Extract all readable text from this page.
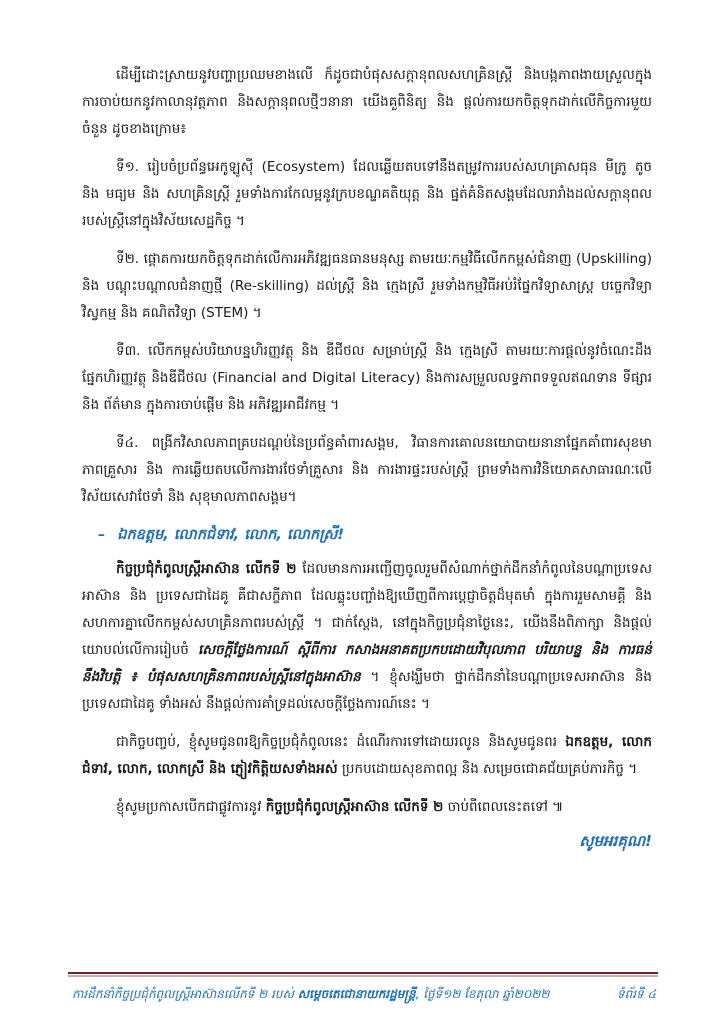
ដើម្បីដោះស្រាយនូវបញ្ហាប្រឈមខាងលើ ក៏ដូចជាបំផុសសក្តានុពលសហគ្រិនស្ត្រី និងបង្កភាពងាយស្រួលក្នុងការចាប់យកនូវកាលានុវត្តភាព និងសក្តានុពលថ្មីៗនានា យើងគួពិនិត្យ និង ផ្តល់ការយកចិត្តទុកដាក់លើកិច្ចការមួយចំនួន ដូចខាងក្រោម៖

ទី១. រៀបចំប្រព័ន្ធអេកូឡូស៊ី (Ecosystem) ដែលឆ្លើយតបទៅនឹងតម្រូវការរបស់សហគ្រាសធុន មីក្រូ តូច និង មធ្យម និង សហគ្រិនស្ត្រី រួមទាំងការកែលម្អនូវក្របខណ្ឌគតិយុត្ត និង ផ្នត់គំនិតសង្គមដែលរារាំងដល់សក្តានុពលរបស់ស្ត្រីនៅក្នុងវិស័យសេដ្ឋកិច្ច ។

ទី២. ផ្តោតការយកចិត្តទុកដាក់លើការអភិវឌ្ឍធនធានមនុស្ស តាមរយៈកម្មវិធីលើកកម្ពស់ជំនាញ (Upskilling) និង បណ្តុះបណ្តាលជំនាញថ្មី (Re-skilling) ដល់ស្ត្រី និង ក្មេងស្រី រួមទាំងកម្មវិធីអប់រំផ្នែកវិទ្យាសាស្ត្រ បច្ចេកវិទ្យា វិស្វកម្ម និង គណិតវិទ្យា (STEM) ។

ទី៣. លើកកម្ពស់បរិយាបន្នហិរញ្ញវត្ថុ និង ឌីជីថល សម្រាប់ស្ត្រី និង ក្មេងស្រី តាមរយៈការផ្តល់នូវចំណេះដឹងផ្នែកហិរញ្ញវត្ថុ និងឌីជីថល (Financial and Digital Literacy) និងការសម្រួលលទ្ធភាពទទួលឥណទាន ទីផ្សារ និង ព័ត៌មាន ក្នុងការចាប់ផ្តើម និង អភិវឌ្ឍអាជីវកម្ម ។

ទី៤. ពង្រីកវិសាលភាពគ្របដណ្តប់នៃប្រព័ន្ធគាំពារសង្គម, វិធានការគោលនយោបាយនានាផ្នែកគាំពារសុខមាភាពគ្រួសារ និង ការឆ្លើយតបលើការងារថែទាំគ្រួសារ និង ការងារផ្ទះរបស់ស្ត្រី ព្រមទាំងការវិនិយោគសាធារណៈលើវិស័យសេវាថែទាំ និង សុខុមាលភាពសង្គម។

– ឯកឧត្តម, លោកជំទាវ, លោក, លោកស្រី!

កិច្ចប្រជុំកំពូលស្ត្រីអាស៊ាន លើកទី ២ ដែលមានការអញ្ជើញចូលរួមពីសំណាក់ថ្នាក់ដឹកនាំកំពូលនៃបណ្តាប្រទេសអាស៊ាន និង ប្រទេសជាដៃគូ គឺជាសក្ខីភាព ដែលឆ្លុះបញ្ចាំងឱ្យឃើញពីការប្តេជ្ញាចិត្តដ៏មុតមាំ ក្នុងការរួមសាមគ្គី និង សហការគ្នាលើកកម្ពស់សហគ្រិនភាពរបស់ស្ត្រី ។ ជាក់ស្តែង, នៅក្នុងកិច្ចប្រជុំនាថ្ងៃនេះ, យើងនឹងពិភាក្សា និងផ្តល់យោបល់លើការរៀបចំ សេចក្តីថ្លែងការណ៍ ស្តីពីការ កសាងអនាគតប្រកបដោយវិបុលភាព បរិយាបន្ន និង ការធន់នឹងវិបត្តិ ៖ បំផុសសហគ្រិនភាពរបស់ស្ត្រីនៅក្នុងអាស៊ាន ។ ខ្ញុំសង្ឃឹមថា ថ្នាក់ដឹកនាំនៃបណ្តាប្រទេសអាស៊ាន និង ប្រទេសជាដៃគូ ទាំងអស់ នឹងផ្តល់ការគាំទ្រដល់សេចក្តីថ្លែងការណ៍នេះ ។

ជាកិច្ចបញ្ចប់, ខ្ញុំសូមជូនពរឱ្យកិច្ចប្រជុំកំពូលនេះ ដំណើរការទៅដោយរលូន និងសូមជូនពរ ឯកឧត្តម, លោកជំទាវ, លោក, លោកស្រី និង ភ្ញៀវកិត្តិយសទាំងអស់ ប្រកបដោយសុខភាពល្អ និង សម្រេចជោគជ័យគ្រប់ភារកិច្ច ។

ខ្ញុំសូមប្រកាសបើកជាផ្លូវការនូវ កិច្ចប្រជុំកំពូលស្ត្រីអាស៊ាន លើកទី ២ ចាប់ពីពេលនេះតទៅ ៕

សូមអរគុណ!
ការដឹកនាំកិច្ចប្រជុំកំពូលស្ត្រីអាស៊ានលើកទី ២ របស់ សម្តេចតេជោនាយករដ្ឋមន្ត្រី, ថ្ងៃទី១២ ខែតុលា ឆ្នាំ២០២២	ទំព័រទី ៤
